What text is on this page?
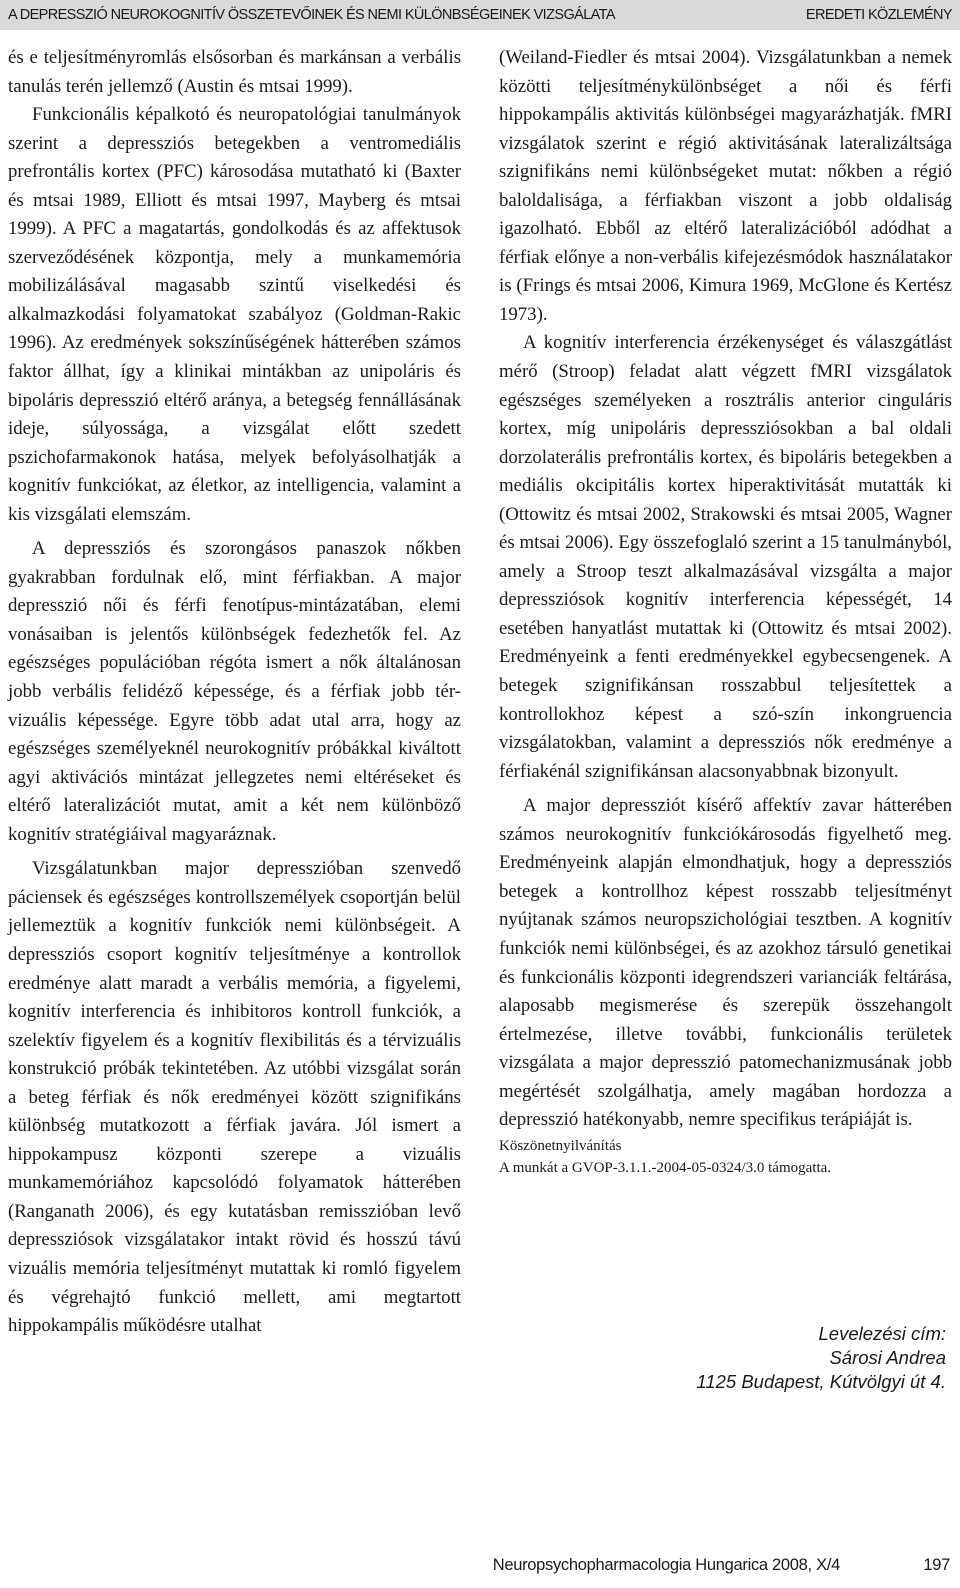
A DEPRESSZIÓ NEUROKOGNITÍV ÖSSZETEVŐINEK ÉS NEMI KÜLÖNBSÉGEINEK VIZSGÁLATA	EREDETI KÖZLEMÉNY

és e teljesítményromlás elsősorban és markánsan a verbális tanulás terén jellemző (Austin és mtsai 1999).

Funkcionális képalkotó és neuropatológiai tanulmányok szerint a depressziós betegekben a ventromediális prefrontális kortex (PFC) károsodása mutatható ki (Baxter és mtsai 1989, Elliott és mtsai 1997, Mayberg és mtsai 1999). A PFC a magatartás, gondolkodás és az affektusok szerveződésének központja, mely a munkamemória mobilizálásával magasabb szintű viselkedési és alkalmazkodási folyamatokat szabályoz (Goldman-Rakic 1996). Az eredmények sokszínűségének hátterében számos faktor állhat, így a klinikai mintákban az unipoláris és bipoláris depresszió eltérő aránya, a betegség fennállásának ideje, súlyossága, a vizsgálat előtt szedett pszichofarmakonok hatása, melyek befolyásolhatják a kognitív funkciókat, az életkor, az intelligencia, valamint a kis vizsgálati elemszám.

A depressziós és szorongásos panaszok nőkben gyakrabban fordulnak elő, mint férfiakban. A major depresszió női és férfi fenotípus-mintázatában, elemi vonásaiban is jelentős különbségek fedezhetők fel. Az egészséges populációban régóta ismert a nők általánosan jobb verbális felidéző képessége, és a férfiak jobb tér-vizuális képessége. Egyre több adat utal arra, hogy az egészséges személyeknél neurokognitív próbákkal kiváltott agyi aktivációs mintázat jellegzetes nemi eltéréseket és eltérő lateralizációt mutat, amit a két nem különböző kognitív stratégiáival magyaráznak.

Vizsgálatunkban major depresszióban szenvedő páciensek és egészséges kontrollszemélyek csoportján belül jellemeztük a kognitív funkciók nemi különbségeit. A depressziós csoport kognitív teljesítménye a kontrollok eredménye alatt maradt a verbális memória, a figyelemi, kognitív interferencia és inhibitoros kontroll funkciók, a szelektív figyelem és a kognitív flexibilitás és a térvizuális konstrukció próbák tekintetében. Az utóbbi vizsgálat során a beteg férfiak és nők eredményei között szignifikáns különbség mutatkozott a férfiak javára. Jól ismert a hippokampusz központi szerepe a vizuális munkamemóriához kapcsolódó folyamatok hátterében (Ranganath 2006), és egy kutatásban remisszióban levő depressziósok vizsgálatakor intakt rövid és hosszú távú vizuális memória teljesítményt mutattak ki romló figyelem és végrehajtó funkció mellett, ami megtartott hippokampális működésre utalhat

(Weiland-Fiedler és mtsai 2004). Vizsgálatunkban a nemek közötti teljesítménykülönbséget a női és férfi hippokampális aktivitás különbségei magyarázhatják. fMRI vizsgálatok szerint e régió aktivitásának lateralizáltsága szignifikáns nemi különbségeket mutat: nőkben a régió baloldalisága, a férfiakban viszont a jobb oldaliság igazolható. Ebből az eltérő lateralizációból adódhat a férfiak előnye a non-verbális kifejezésmódok használatakor is (Frings és mtsai 2006, Kimura 1969, McGlone és Kertész 1973).

A kognitív interferencia érzékenységet és válaszgátlást mérő (Stroop) feladat alatt végzett fMRI vizsgálatok egészséges személyeken a rosztrális anterior cinguláris kortex, míg unipoláris depressziósokban a bal oldali dorzolaterális prefrontális kortex, és bipoláris betegekben a mediális okcipitális kortex hiperaktivitását mutatták ki (Ottowitz és mtsai 2002, Strakowski és mtsai 2005, Wagner és mtsai 2006). Egy összefoglaló szerint a 15 tanulmányból, amely a Stroop teszt alkalmazásával vizsgálta a major depressziósok kognitív interferencia képességét, 14 esetében hanyatlást mutattak ki (Ottowitz és mtsai 2002). Eredményeink a fenti eredményekkel egybecsengenek. A betegek szignifikánsan rosszabbul teljesítettek a kontrollokhoz képest a szó-szín inkongruencia vizsgálatokban, valamint a depressziós nők eredménye a férfiakénál szignifikánsan alacsonyabbnak bizonyult.

A major depressziót kísérő affektív zavar hátterében számos neurokognitív funkciókárosodás figyelhető meg. Eredményeink alapján elmondhatjuk, hogy a depressziós betegek a kontrollhoz képest rosszabb teljesítményt nyújtanak számos neuropszichológiai tesztben. A kognitív funkciók nemi különbségei, és az azokhoz társuló genetikai és funkcionális központi idegrendszeri varianciák feltárása, alaposabb megismerése és szerepük összehangolt értelmezése, illetve további, funkcionális területek vizsgálata a major depresszió patomechanizmusának jobb megértését szolgálhatja, amely magában hordozza a depresszió hatékonyabb, nemre specifikus terápiáját is.

Köszönetnyilvánítás

A munkát a GVOP-3.1.1.-2004-05-0324/3.0 támogatta.

Levelezési cím:
Sárosi Andrea
1125 Budapest, Kútvölgyi út 4.
Neuropsychopharmacologia Hungarica 2008, X/4	197
